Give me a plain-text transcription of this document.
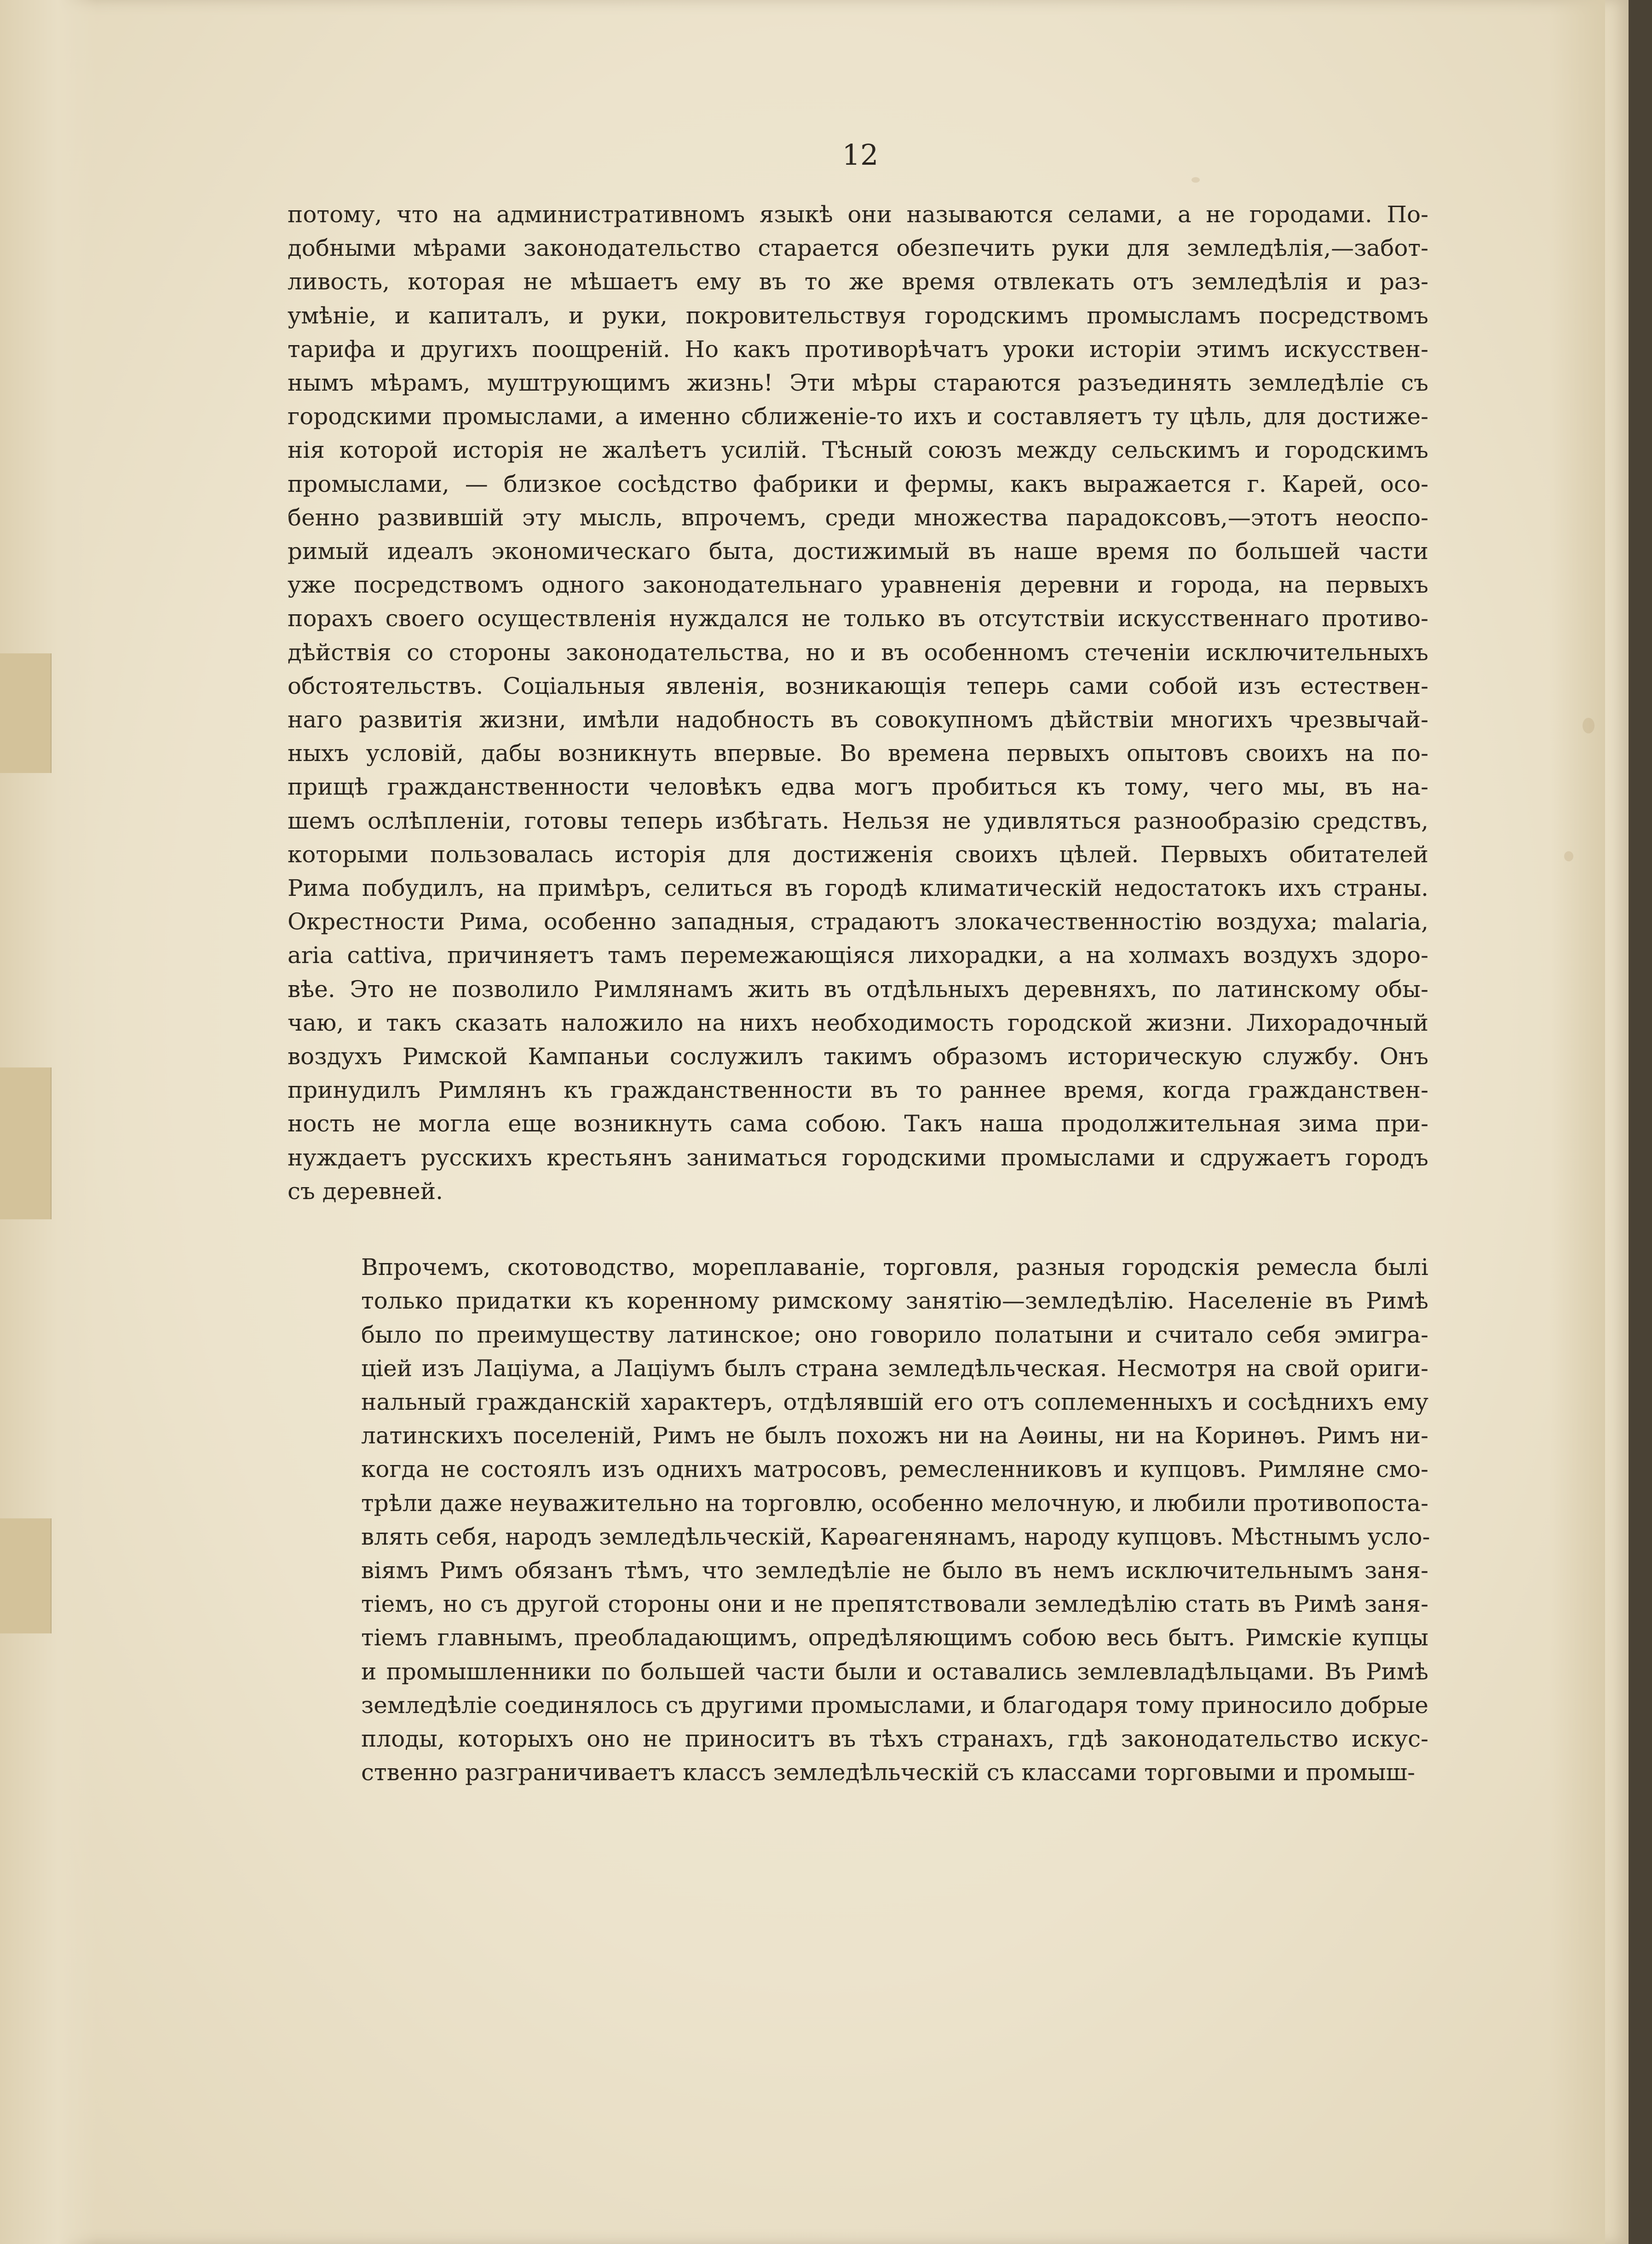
12
потому, что на административномъ языкѣ они называются селами, а не городами. По-
добными мѣрами законодательство старается обезпечить руки для земледѣлія,—забот-
ливость, которая не мѣшаетъ ему въ то же время отвлекать отъ земледѣлія и раз-
умѣніе, и капиталъ, и руки, покровительствуя городскимъ промысламъ посредствомъ
тарифа и другихъ поощреній. Но какъ противорѣчатъ уроки исторіи этимъ искусствен-
нымъ мѣрамъ, муштрующимъ жизнь! Эти мѣры стараются разъединять земледѣліе съ
городскими промыслами, а именно сближеніе-то ихъ и составляетъ ту цѣль, для достиже-
нія которой исторія не жалѣетъ усилій. Тѣсный союзъ между сельскимъ и городскимъ
промыслами, — близкое сосѣдство фабрики и фермы, какъ выражается г. Карей, осо-
бенно развившій эту мысль, впрочемъ, среди множества парадоксовъ,—этотъ неоспо-
римый идеалъ экономическаго быта, достижимый въ наше время по большей части
уже посредствомъ одного законодательнаго уравненія деревни и города, на первыхъ
порахъ своего осуществленія нуждался не только въ отсутствіи искусственнаго противо-
дѣйствія со стороны законодательства, но и въ особенномъ стеченіи исключительныхъ
обстоятельствъ. Соціальныя явленія, возникающія теперь сами собой изъ естествен-
наго развитія жизни, имѣли надобность въ совокупномъ дѣйствіи многихъ чрезвычай-
ныхъ условій, дабы возникнуть впервые. Во времена первыхъ опытовъ своихъ на по-
прищѣ гражданственности человѣкъ едва могъ пробиться къ тому, чего мы, въ на-
шемъ ослѣпленіи, готовы теперь избѣгать. Нельзя не удивляться разнообразію средствъ,
которыми пользовалась исторія для достиженія своихъ цѣлей. Первыхъ обитателей
Рима побудилъ, на примѣръ, селиться въ городѣ климатическій недостатокъ ихъ страны.
Окрестности Рима, особенно западныя, страдаютъ злокачественностію воздуха; malaria,
aria cattiva, причиняетъ тамъ перемежающіяся лихорадки, а на холмахъ воздухъ здоро-
вѣе. Это не позволило Римлянамъ жить въ отдѣльныхъ деревняхъ, по латинскому обы-
чаю, и такъ сказать наложило на нихъ необходимость городской жизни. Лихорадочный
воздухъ Римской Кампаньи сослужилъ такимъ образомъ историческую службу. Онъ
принудилъ Римлянъ къ гражданственности въ то раннее время, когда гражданствен-
ность не могла еще возникнуть сама собою. Такъ наша продолжительная зима при-
нуждаетъ русскихъ крестьянъ заниматься городскими промыслами и сдружаетъ городъ
съ деревней.
Впрочемъ, скотоводство, мореплаваніе, торговля, разныя городскія ремесла былі
только придатки къ коренному римскому занятію—земледѣлію. Населеніе въ Римѣ
было по преимуществу латинское; оно говорило полатыни и считало себя эмигра-
ціей изъ Лаціума, а Лаціумъ былъ страна земледѣльческая. Несмотря на свой ориги-
нальный гражданскій характеръ, отдѣлявшій его отъ соплеменныхъ и сосѣднихъ ему
латинскихъ поселеній, Римъ не былъ похожъ ни на Аѳины, ни на Коринѳъ. Римъ ни-
когда не состоялъ изъ однихъ матросовъ, ремесленниковъ и купцовъ. Римляне смо-
трѣли даже неуважительно на торговлю, особенно мелочную, и любили противопоста-
влять себя, народъ земледѣльческій, Карѳагенянамъ, народу купцовъ. Мѣстнымъ усло-
віямъ Римъ обязанъ тѣмъ, что земледѣліе не было въ немъ исключительнымъ заня-
тіемъ, но съ другой стороны они и не препятствовали земледѣлію стать въ Римѣ заня-
тіемъ главнымъ, преобладающимъ, опредѣляющимъ собою весь бытъ. Римскіе купцы
и промышленники по большей части были и оставались землевладѣльцами. Въ Римѣ
земледѣліе соединялось съ другими промыслами, и благодаря тому приносило добрые
плоды, которыхъ оно не приноситъ въ тѣхъ странахъ, гдѣ законодательство искус-
ственно разграничиваетъ классъ земледѣльческій съ классами торговыми и промыш-
